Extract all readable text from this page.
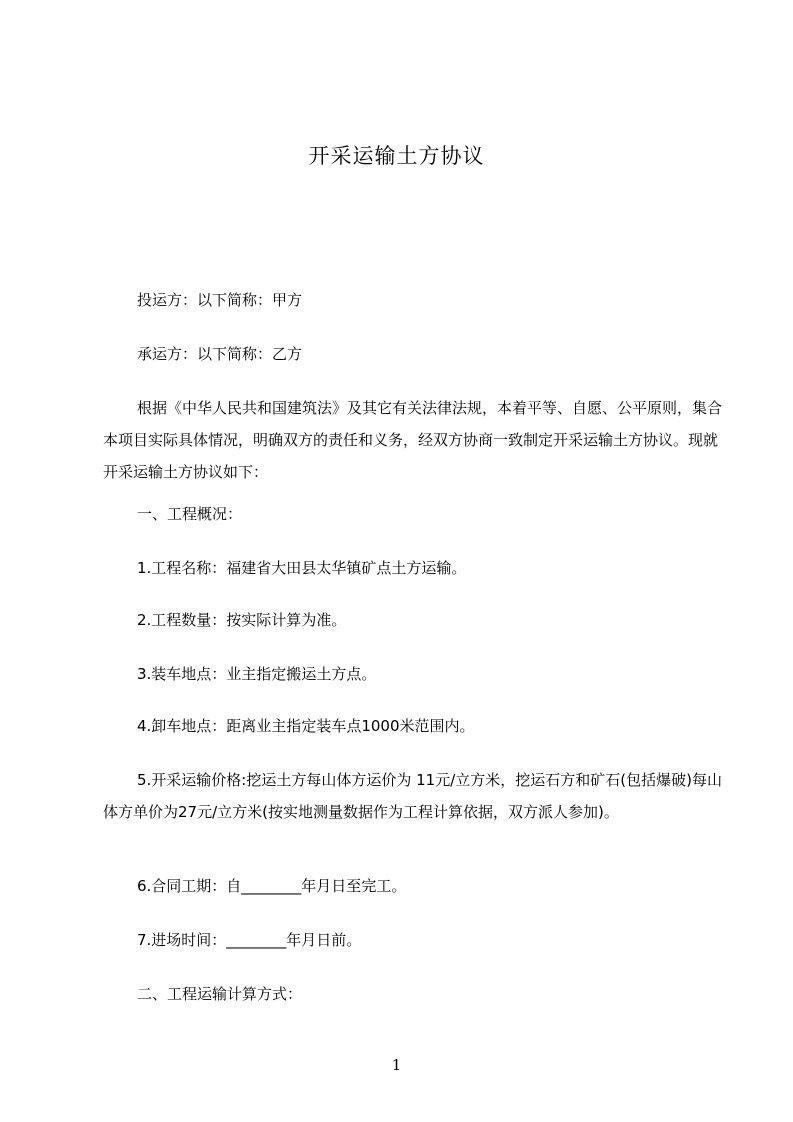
开采运输土方协议
投运方：以下简称：甲方
承运方：以下简称：乙方
根据《中华人民共和国建筑法》及其它有关法律法规，本着平等、自愿、公平原则，集合本项目实际具体情况，明确双方的责任和义务，经双方协商一致制定开采运输土方协议。现就开采运输土方协议如下：
一、工程概况：
1.工程名称：福建省大田县太华镇矿点土方运输。
2.工程数量：按实际计算为准。
3.装车地点：业主指定搬运土方点。
4.卸车地点：距离业主指定装车点1000米范围内。
5.开采运输价格:挖运土方每山体方运价为 11元/立方米，挖运石方和矿石(包括爆破)每山体方单价为27元/立方米(按实地测量数据作为工程计算依据，双方派人参加)。
6.合同工期：自________年月日至完工。
7.进场时间：________年月日前。
二、工程运输计算方式：
1
